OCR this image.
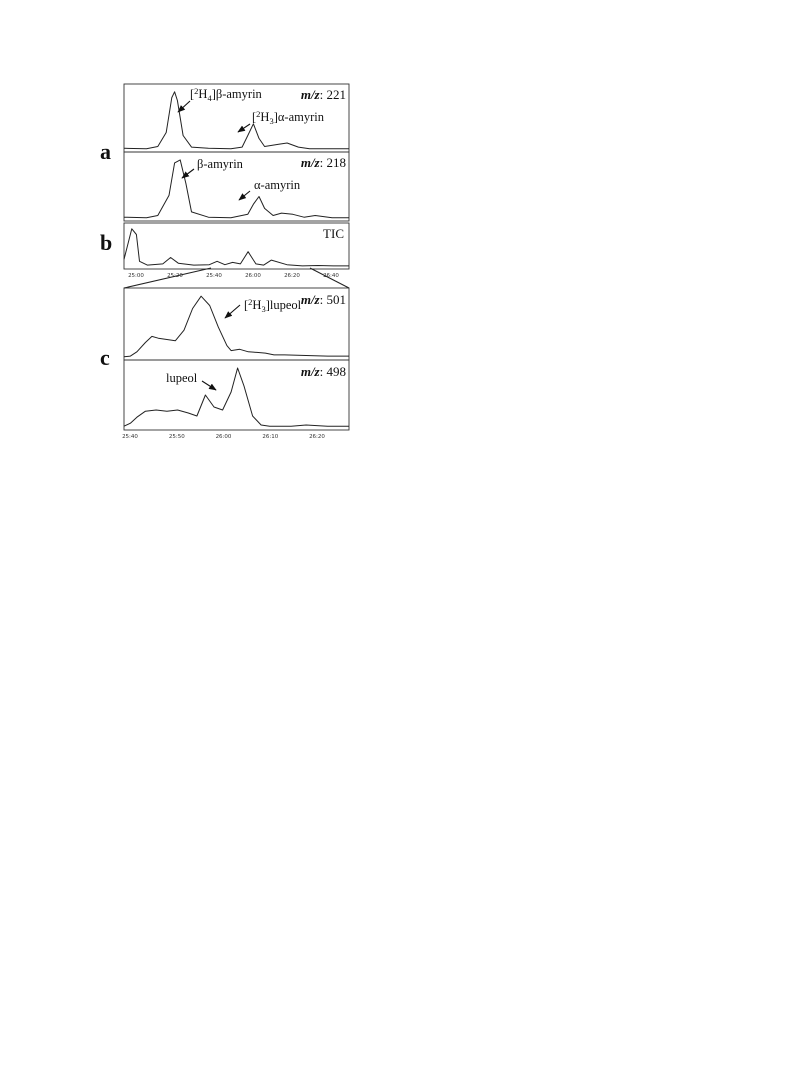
a
b
c
m/z: 221
m/z: 218
TIC
m/z: 501
m/z: 498
$[^2H_4]\beta$-amyrin
$[^2H_3]\alpha$-amyrin
β-amyrin
α-amyrin
$[^2H_3]lupeol$
lupeol
25:00	25:20	25:40	26:00	26:20	26:40
25:40	25:50	26:00	26:10	26:20
